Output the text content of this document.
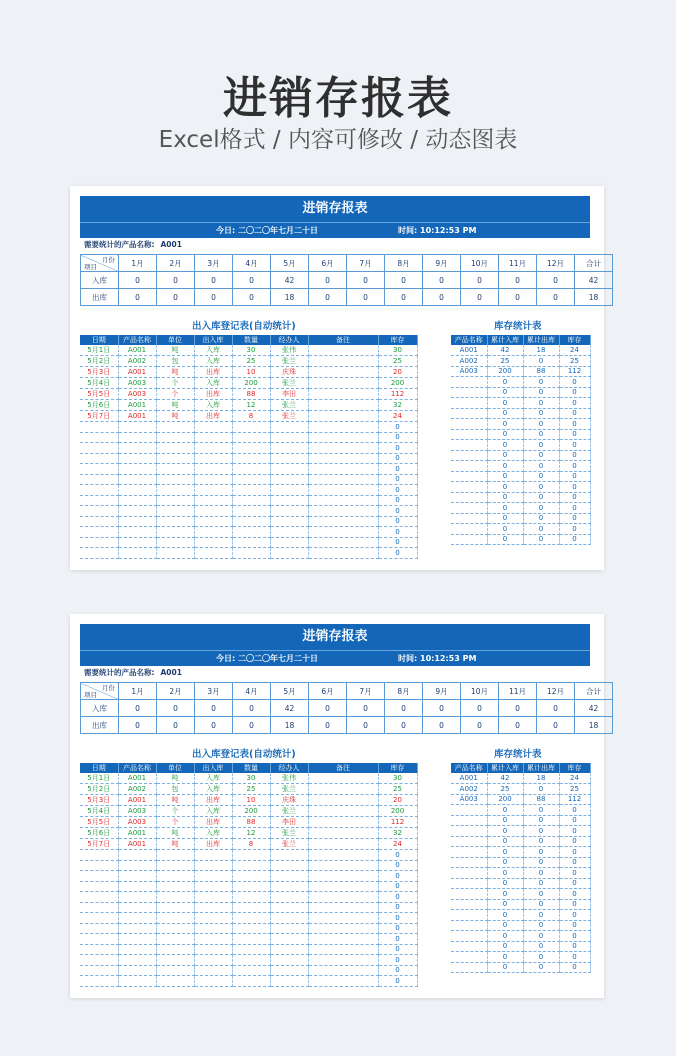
进销存报表
Excel格式 / 内容可修改 / 动态图表
进销存报表
今日: 二〇二〇年七月二十日	时间: 10:12:53 PM
需要统计的产品名称: A001
月份
项目	1月	2月	3月	4月	5月	6月	7月	8月	9月	10月	11月	12月	合计
入库	0	0	0	0	42	0	0	0	0	0	0	0	42
出库	0	0	0	0	18	0	0	0	0	0	0	0	18
出入库登记表(自动统计)	库存统计表
日期	产品名称	单位	出入库	数量	经办人	备注	库存
5月1日	A001	吨	入库	30	张伟		30
5月2日	A002	包	入库	25	张兰		25
5月3日	A001	吨	出库	10	庆珠		20
5月4日	A003	个	入库	200	张兰		200
5月5日	A003	个	出库	88	李田		112
5月6日	A001	吨	入库	12	张兰		32
5月7日	A001	吨	出库	8	张兰		24
							0
							0
							0
							0
							0
							0
							0
							0
							0
							0
							0
							0
							0
产品名称	累计入库	累计出库	库存
A001	42	18	24
A002	25	0	25
A003	200	88	112
	0	0	0
	0	0	0
	0	0	0
	0	0	0
	0	0	0
	0	0	0
	0	0	0
	0	0	0
	0	0	0
	0	0	0
	0	0	0
	0	0	0
	0	0	0
	0	0	0
	0	0	0
	0	0	0
进销存报表
今日: 二〇二〇年七月二十日	时间: 10:12:53 PM
需要统计的产品名称: A001
月份
项目	1月	2月	3月	4月	5月	6月	7月	8月	9月	10月	11月	12月	合计
入库	0	0	0	0	42	0	0	0	0	0	0	0	42
出库	0	0	0	0	18	0	0	0	0	0	0	0	18
出入库登记表(自动统计)	库存统计表
日期	产品名称	单位	出入库	数量	经办人	备注	库存
5月1日	A001	吨	入库	30	张伟		30
5月2日	A002	包	入库	25	张兰		25
5月3日	A001	吨	出库	10	庆珠		20
5月4日	A003	个	入库	200	张兰		200
5月5日	A003	个	出库	88	李田		112
5月6日	A001	吨	入库	12	张兰		32
5月7日	A001	吨	出库	8	张兰		24
							0
							0
							0
							0
							0
							0
							0
							0
							0
							0
							0
							0
							0
产品名称	累计入库	累计出库	库存
A001	42	18	24
A002	25	0	25
A003	200	88	112
	0	0	0
	0	0	0
	0	0	0
	0	0	0
	0	0	0
	0	0	0
	0	0	0
	0	0	0
	0	0	0
	0	0	0
	0	0	0
	0	0	0
	0	0	0
	0	0	0
	0	0	0
	0	0	0
